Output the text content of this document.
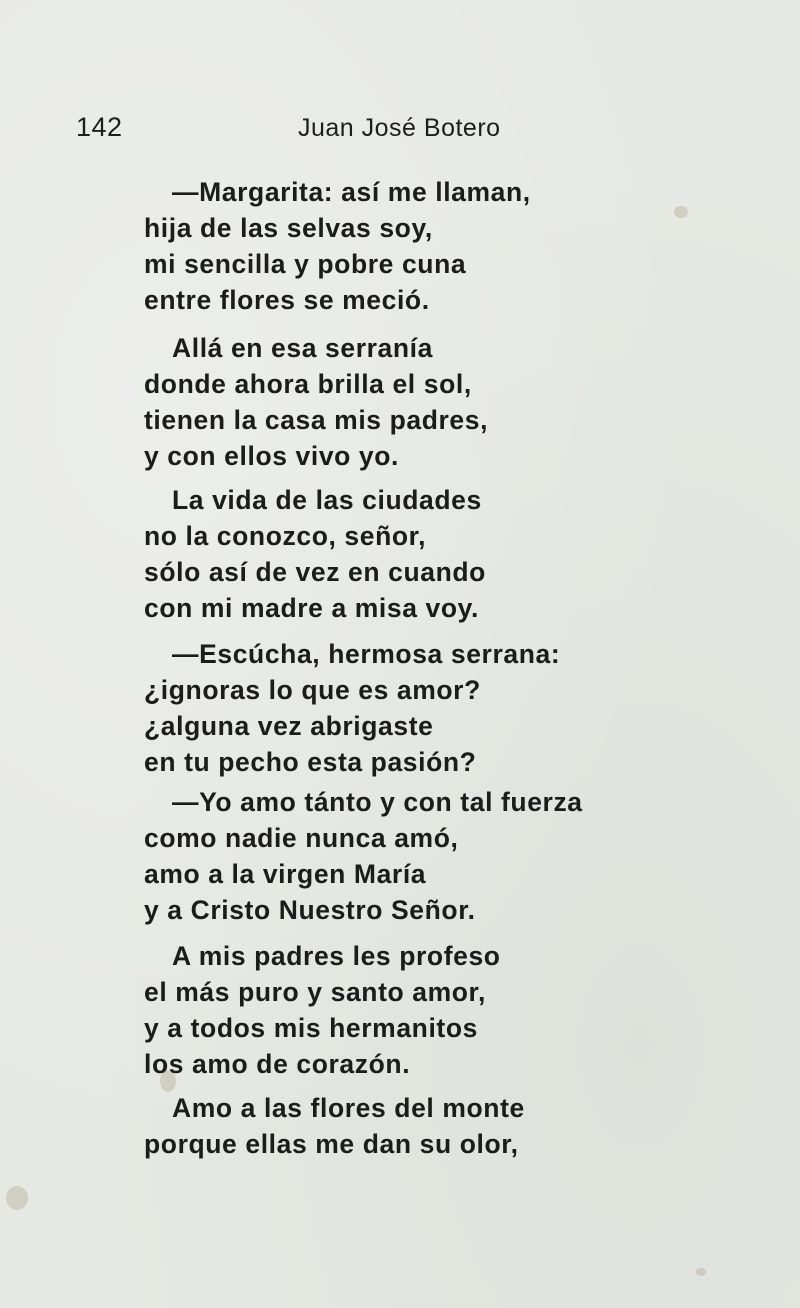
142	Juan José Botero
—Margarita: así me llaman,
hija de las selvas soy,
mi sencilla y pobre cuna
entre flores se meció.
Allá en esa serranía
donde ahora brilla el sol,
tienen la casa mis padres,
y con ellos vivo yo.
La vida de las ciudades
no la conozco, señor,
sólo así de vez en cuando
con mi madre a misa voy.
—Escúcha, hermosa serrana:
¿ignoras lo que es amor?
¿alguna vez abrigaste
en tu pecho esta pasión?
—Yo amo tánto y con tal fuerza
como nadie nunca amó,
amo a la virgen María
y a Cristo Nuestro Señor.
A mis padres les profeso
el más puro y santo amor,
y a todos mis hermanitos
los amo de corazón.
Amo a las flores del monte
porque ellas me dan su olor,
